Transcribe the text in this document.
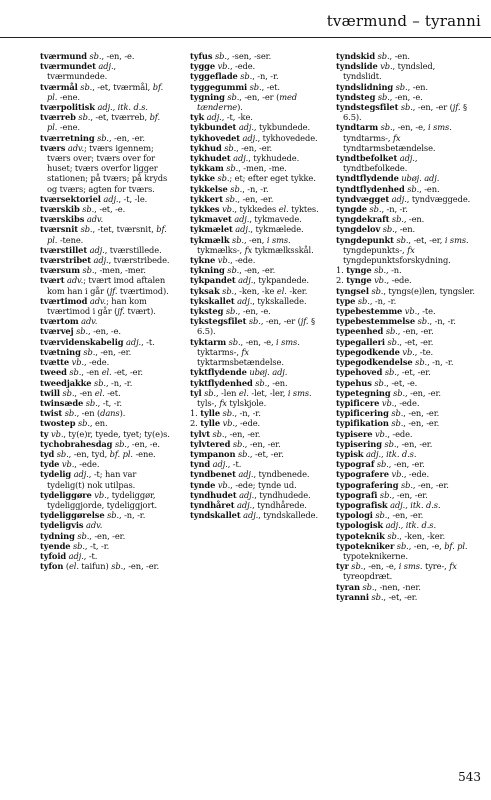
tværmund – tyranni

tværmund sb., -en, -e.

tværmundet adj., tværmundede.

tværmål sb., -et, tværmål, bf. pl. -ene.

tværpolitisk adj., itk. d.s.

tværreb sb., -et, tværreb, bf. pl. -ene.

tværretning sb., -en, -er.

tværs adv.; tværs igennem; tværs over; tværs over for huset; tværs overfor ligger stationen; på tværs; på kryds og tværs; agten for tværs.

tværsektoriel adj., -t, -le.

tværskib sb., -et, -e.

tværskibs adv.

tværsnit sb., -tet, tværsnit, bf. pl. -tene.

tværstillet adj., tværstillede.

tværstribet adj., tværstribede.

tværsum sb., -men, -mer.

tvært adv.; tvært imod aftalen kom han i går (jf. tværtimod).

tværtimod adv.; han kom tværtimod i går (jf. tvært).

tværtom adv.

tværvej sb., -en, -e.

tværvidenskabelig adj., -t.

tvætning sb., -en, -er.

tvætte vb., -ede.

tweed sb., -en el. -et, -er.

tweedjakke sb., -n, -r.

twill sb., -en el. -et.

twinsæde sb., -t, -r.

twist sb., -en (dans).

twostep sb., en.

ty vb., ty(e)r, tyede, tyet; ty(e)s.

tychobrahesdag sb., -en, -e.

tyd sb., -en, tyd, bf. pl. -ene.

tyde vb., -ede.

tydelig adj., -t; han var tydelig(t) nok utilpas.

tydeliggøre vb., tydeliggør, tydeliggjorde, tydeliggjort.

tydeliggørelse sb., -n, -r.

tydeligvis adv.

tydning sb., -en, -er.

tyende sb., -t, -r.

tyfoid adj., -t.

tyfon (el. taifun) sb., -en, -er.

tyfus sb., -sen, -ser.

tygge vb., -ede.

tyggeflade sb., -n, -r.

tyggegummi sb., -et.

tygning sb., -en, -er (med tænderne).

tyk adj., -t, -ke.

tykbundet adj., tykbundede.

tykhovedet adj., tykhovedede.

tykhud sb., -en, -er.

tykhudet adj., tykhudede.

tykkam sb., -men, -me.

tykke sb.; et; efter eget tykke.

tykkelse sb., -n, -r.

tykkert sb., -en, -er.

tykkes vb., tykkedes el. tyktes.

tykmavet adj., tykmavede.

tykmælet adj., tykmælede.

tykmælk sb., -en, i sms. tykmælks-, fx tykmælksskål.

tykne vb., -ede.

tykning sb., -en, -er.

tykpandet adj., tykpandede.

tyksak sb., -ken, -ke el. -ker.

tykskallet adj., tykskallede.

tyksteg sb., -en, -e.

tykstegsfilet sb., -en, -er (jf. § 6.5).

tyktarm sb., -en, -e, i sms. tyktarms-, fx tyktarmsbetændelse.

tyktflydende ubøj. adj.

tyktflydenhed sb., -en.

tyl sb., -len el. -let, -ler, i sms. tyls-, fx tylskjole.

1. tylle sb., -n, -r.

2. tylle vb., -ede.

tylvt sb., -en, -er.

tylvtered sb., -en, -er.

tympanon sb., -et, -er.

tynd adj., -t.

tyndbenet adj., tyndbenede.

tynde vb., -ede; tynde ud.

tyndhudet adj., tyndhudede.

tyndhåret adj., tyndhårede.

tyndskallet adj., tyndskallede.

tyndskid sb., -en.

tyndslide vb., tyndsled, tyndslidt.

tyndslidning sb., -en.

tyndsteg sb., -en, -e.

tyndstegsfilet sb., -en, -er (jf. § 6.5).

tyndtarm sb., -en, -e, i sms. tyndtarms-, fx tyndtarmsbetændelse.

tyndtbefolket adj., tyndtbefolkede.

tyndtflydende ubøj. adj.

tyndtflydenhed sb., -en.

tyndvægget adj., tyndvæggede.

tyngde sb., -n, -r.

tyngdekraft sb., -en.

tyngdelov sb., -en.

tyngdepunkt sb., -et, -er, i sms. tyngdepunkts-, fx tyngdepunktsforskydning.

1. tynge sb., -n.

2. tynge vb., -ede.

tyngsel sb., tyngs(e)len, tyngsler.

type sb., -n, -r.

typebestemme vb., -te.

typebestemmelse sb., -n, -r.

typeenhed sb., -en, -er.

typegalleri sb., -et, -er.

typegodkende vb., -te.

typegodkendelse sb., -n, -r.

typehoved sb., -et, -er.

typehus sb., -et, -e.

typetegning sb., -en, -er.

typificere vb., -ede.

typificering sb., -en, -er.

typifikation sb., -en, -er.

typisere vb., -ede.

typisering sb., -en, -er.

typisk adj., itk. d.s.

typograf sb., -en, -er.

typografere vb., -ede.

typografering sb., -en, -er.

typografi sb., -en, -er.

typografisk adj., itk. d.s.

typologi sb., -en, -er.

typologisk adj., itk. d.s.

typoteknik sb., -ken, -ker.

typotekniker sb., -en, -e, bf. pl. typoteknikerne.

tyr sb., -en, -e, i sms. tyre-, fx tyreopdræt.

tyran sb., -nen, -ner.

tyranni sb., -et, -er.

543
